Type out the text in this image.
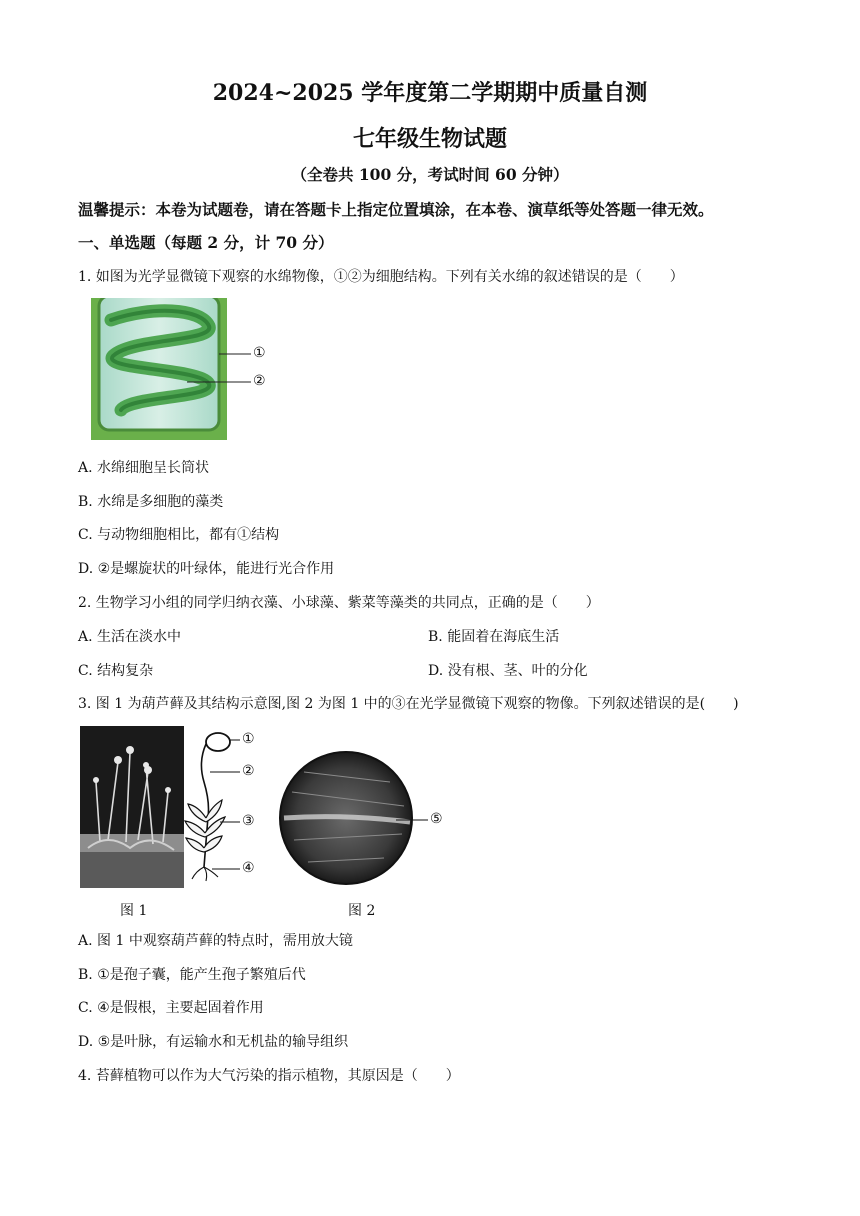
2024~2025 学年度第二学期期中质量自测
七年级生物试题
（全卷共 100 分，考试时间 60 分钟）
温馨提示：本卷为试题卷，请在答题卡上指定位置填涂，在本卷、演草纸等处答题一律无效。
一、单选题（每题 2 分，计 70 分）
1. 如图为光学显微镜下观察的水绵物像，①②为细胞结构。下列有关水绵的叙述错误的是（　　）
①
②
A. 水绵细胞呈长筒状
B. 水绵是多细胞的藻类
C. 与动物细胞相比，都有①结构
D. ②是螺旋状的叶绿体，能进行光合作用
2. 生物学习小组的同学归纳衣藻、小球藻、紫菜等藻类的共同点，正确的是（　　）
A. 生活在淡水中	B. 能固着在海底生活
C. 结构复杂	D. 没有根、茎、叶的分化
3. 图 1 为葫芦藓及其结构示意图,图 2 为图 1 中的③在光学显微镜下观察的物像。下列叙述错误的是(　　)
①
②
③
④
⑤
图 1	图 2
A. 图 1 中观察葫芦藓的特点时，需用放大镜
B. ①是孢子囊，能产生孢子繁殖后代
C. ④是假根，主要起固着作用
D. ⑤是叶脉，有运输水和无机盐的输导组织
4. 苔藓植物可以作为大气污染的指示植物，其原因是（　　）
